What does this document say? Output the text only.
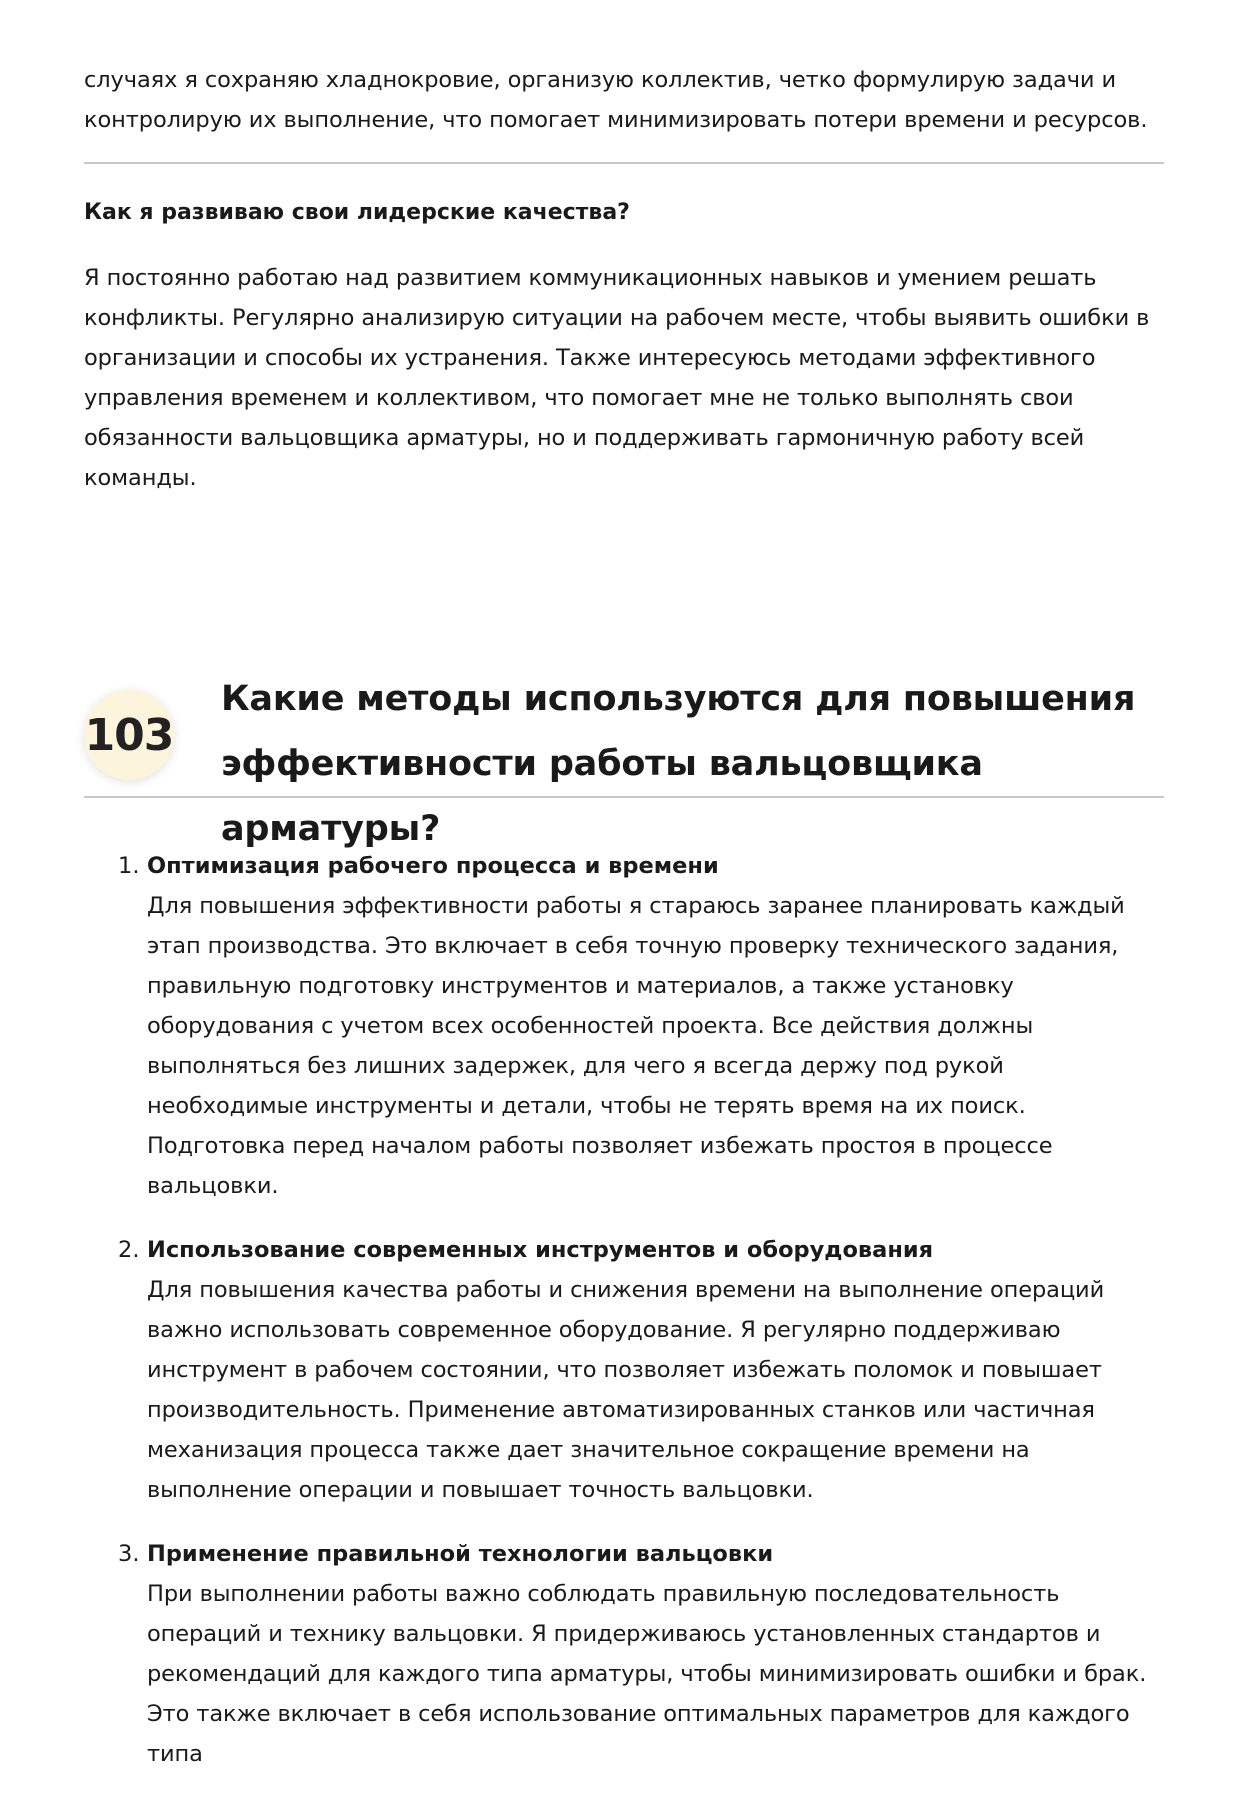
случаях я сохраняю хладнокровие, организую коллектив, четко формулирую задачи и контролирую их выполнение, что помогает минимизировать потери времени и ресурсов.

Как я развиваю свои лидерские качества?

Я постоянно работаю над развитием коммуникационных навыков и умением решать конфликты. Регулярно анализирую ситуации на рабочем месте, чтобы выявить ошибки в организации и способы их устранения. Также интересуюсь методами эффективного управления временем и коллективом, что помогает мне не только выполнять свои обязанности вальцовщика арматуры, но и поддерживать гармоничную работу всей команды.

103
Какие методы используются для повышения эффективности работы вальцовщика арматуры?
1. Оптимизация рабочего процесса и времени

Для повышения эффективности работы я стараюсь заранее планировать каждый этап производства. Это включает в себя точную проверку технического задания, правильную подготовку инструментов и материалов, а также установку оборудования с учетом всех особенностей проекта. Все действия должны выполняться без лишних задержек, для чего я всегда держу под рукой необходимые инструменты и детали, чтобы не терять время на их поиск. Подготовка перед началом работы позволяет избежать простоя в процессе вальцовки.

2. Использование современных инструментов и оборудования

Для повышения качества работы и снижения времени на выполнение операций важно использовать современное оборудование. Я регулярно поддерживаю инструмент в рабочем состоянии, что позволяет избежать поломок и повышает производительность. Применение автоматизированных станков или частичная механизация процесса также дает значительное сокращение времени на выполнение операции и повышает точность вальцовки.

3. Применение правильной технологии вальцовки

При выполнении работы важно соблюдать правильную последовательность операций и технику вальцовки. Я придерживаюсь установленных стандартов и рекомендаций для каждого типа арматуры, чтобы минимизировать ошибки и брак. Это также включает в себя использование оптимальных параметров для каждого типа
